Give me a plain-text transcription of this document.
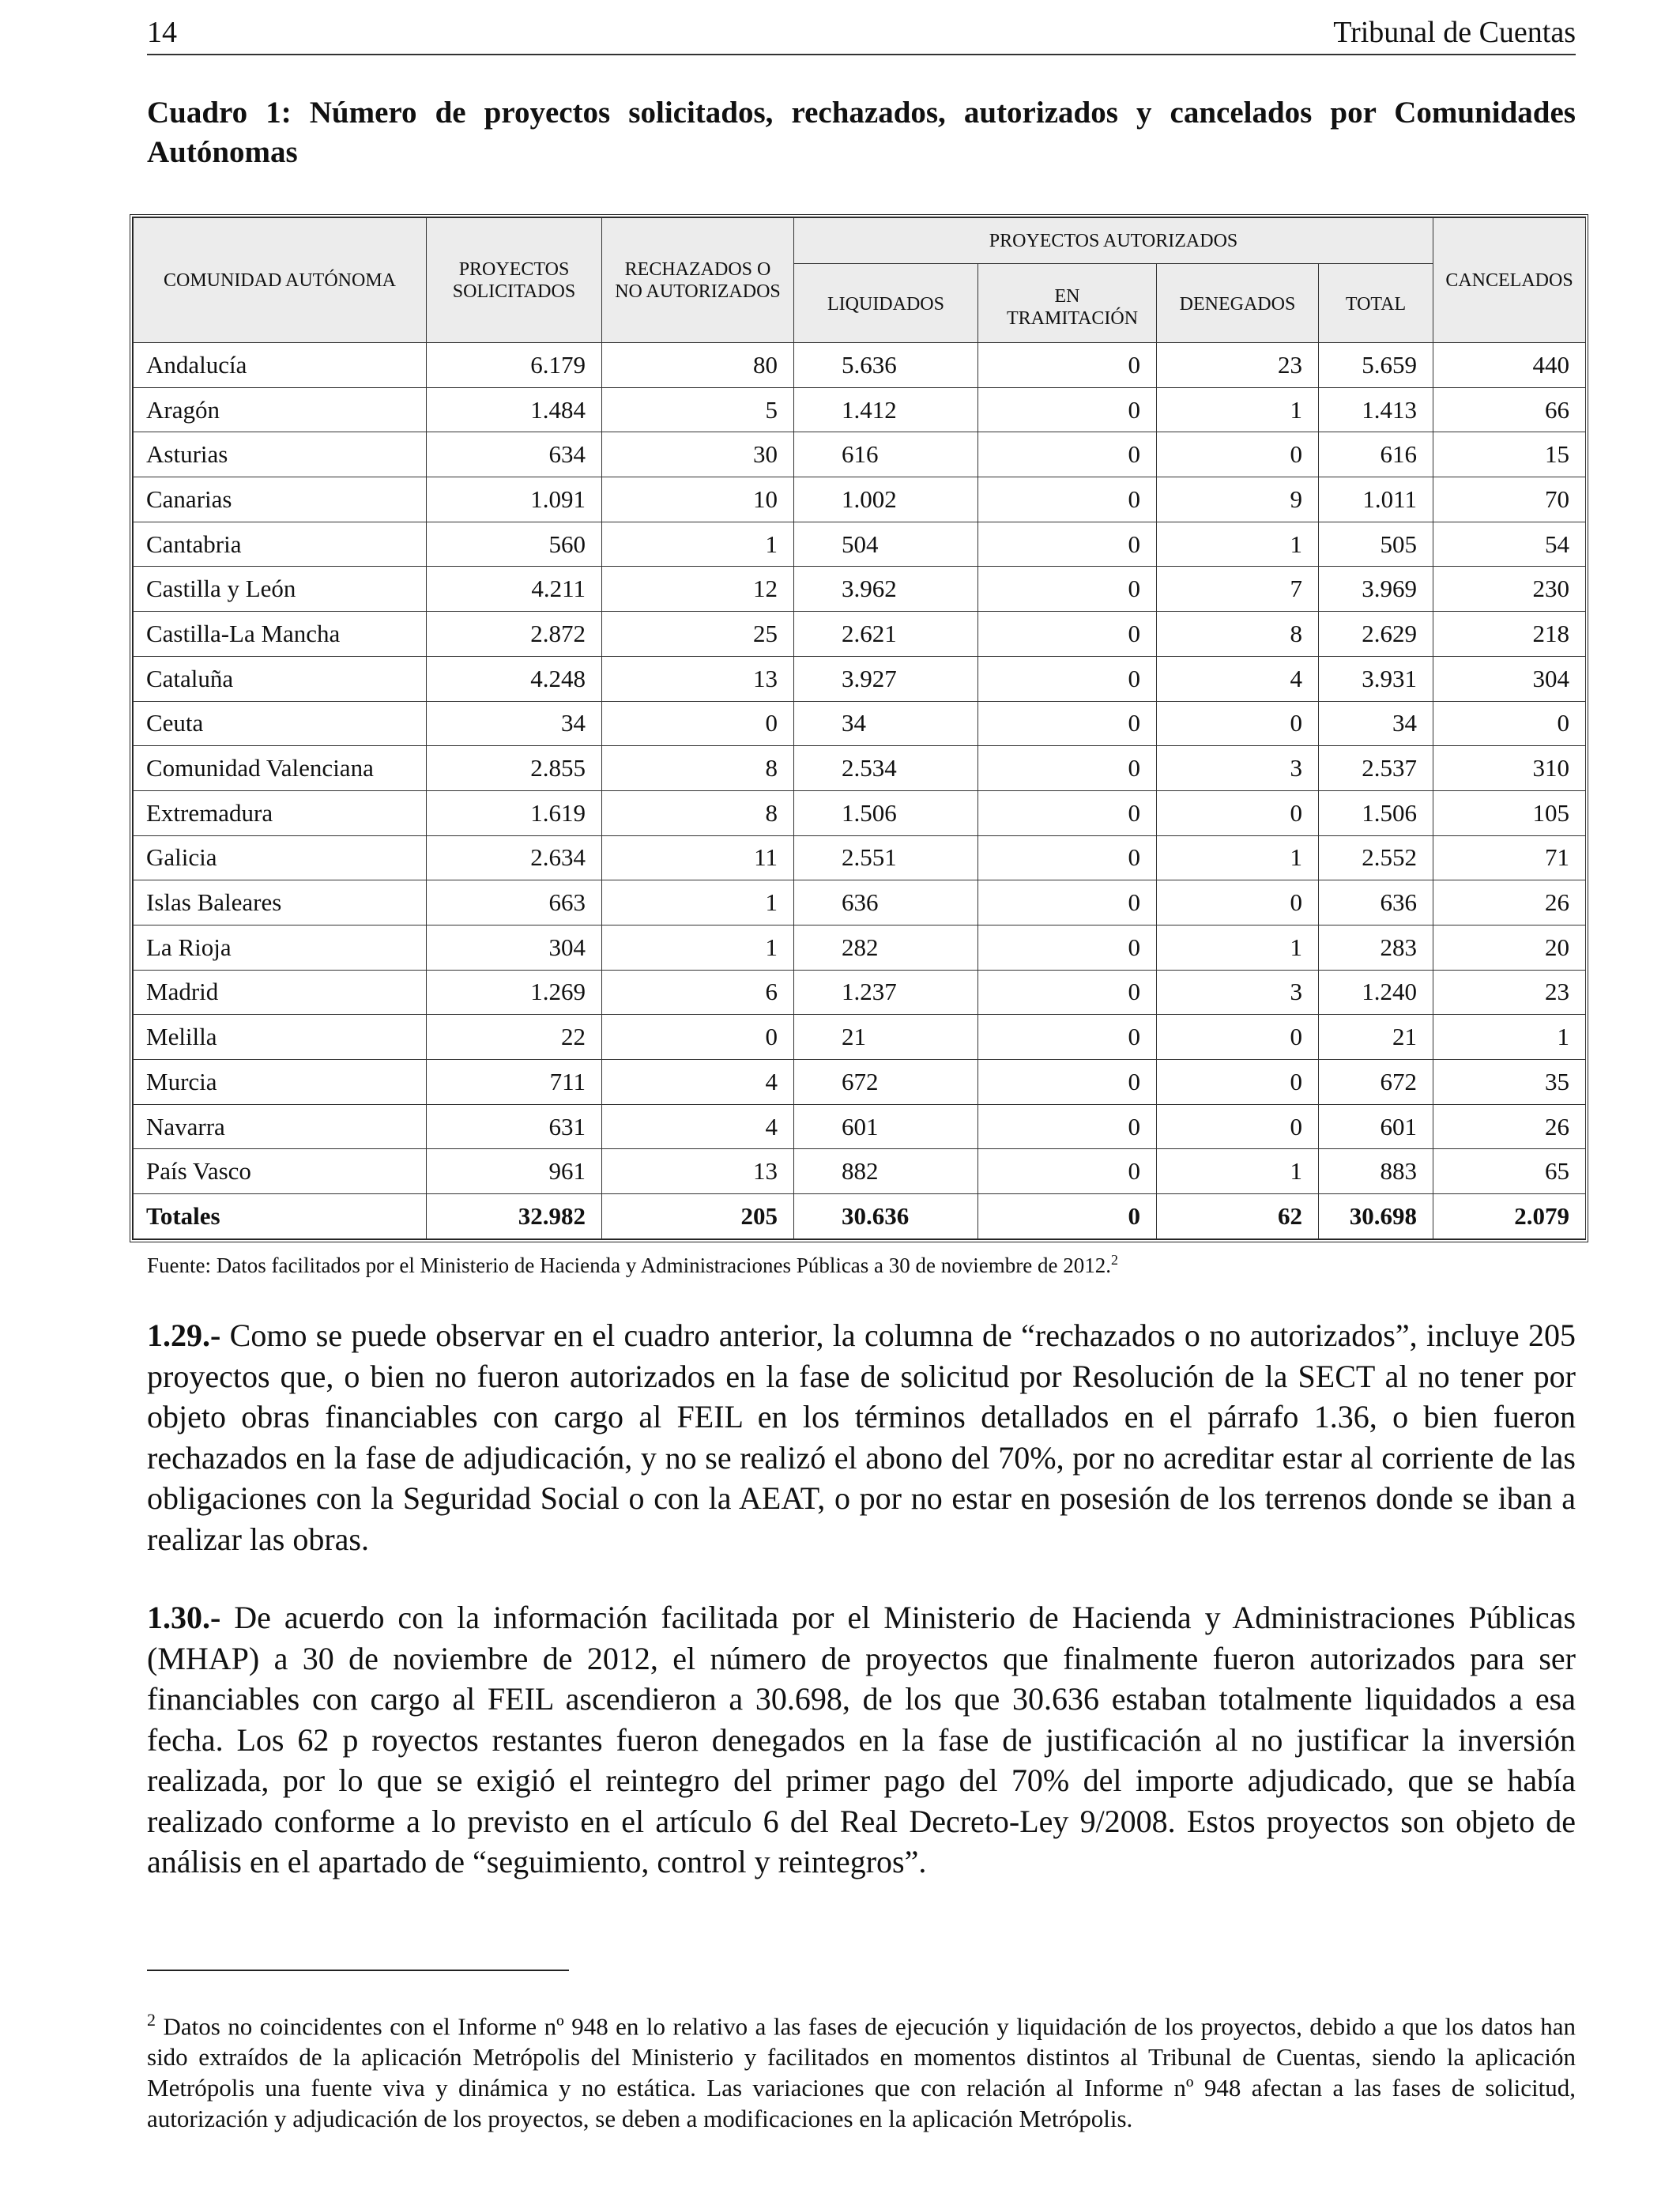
14	Tribunal de Cuentas
Cuadro 1: Número de proyectos solicitados, rechazados, autorizados y cancelados por Comunidades Autónomas
COMUNIDAD AUTÓNOMA	PROYECTOS SOLICITADOS	RECHAZADOS O NO AUTORIZADOS	PROYECTOS AUTORIZADOS				CANCELADOS
			LIQUIDADOS	EN TRAMITACIÓN	DENEGADOS	TOTAL	
Andalucía	6.179	80	5.636	0	23	5.659	440
Aragón	1.484	5	1.412	0	1	1.413	66
Asturias	634	30	616	0	0	616	15
Canarias	1.091	10	1.002	0	9	1.011	70
Cantabria	560	1	504	0	1	505	54
Castilla y León	4.211	12	3.962	0	7	3.969	230
Castilla-La Mancha	2.872	25	2.621	0	8	2.629	218
Cataluña	4.248	13	3.927	0	4	3.931	304
Ceuta	34	0	34	0	0	34	0
Comunidad Valenciana	2.855	8	2.534	0	3	2.537	310
Extremadura	1.619	8	1.506	0	0	1.506	105
Galicia	2.634	11	2.551	0	1	2.552	71
Islas Baleares	663	1	636	0	0	636	26
La Rioja	304	1	282	0	1	283	20
Madrid	1.269	6	1.237	0	3	1.240	23
Melilla	22	0	21	0	0	21	1
Murcia	711	4	672	0	0	672	35
Navarra	631	4	601	0	0	601	26
País Vasco	961	13	882	0	1	883	65
Totales	32.982	205	30.636	0	62	30.698	2.079
Fuente: Datos facilitados por el Ministerio de Hacienda y Administraciones Públicas a 30 de noviembre de 2012.$^2$
1.29.- Como se puede observar en el cuadro anterior, la columna de “rechazados o no autorizados”, incluye 205 proyectos que, o bien no fueron autorizados en la fase de solicitud por Resolución de la SECT al no tener por objeto obras financiables con cargo al FEIL en los términos detallados en el párrafo 1.36, o bien fueron rechazados en la fase de adjudicación, y no se realizó el abono del 70%, por no acreditar estar al corriente de las obligaciones con la Seguridad Social o con la AEAT, o por no estar en posesión de los terrenos donde se iban a realizar las obras.
1.30.- De acuerdo con la información facilitada por el Ministerio de Hacienda y Administraciones Públicas (MHAP) a 30 de noviembre de 2012, el número de proyectos que finalmente fueron autorizados para ser financiables con cargo al FEIL ascendieron a 30.698, de los que 30.636 estaban totalmente liquidados a esa fecha. Los 62 p royectos restantes fueron denegados en la fase de justificación al no justificar la inversión realizada, por lo que se exigió el reintegro del primer pago del 70% del importe adjudicado, que se había realizado conforme a lo previsto en el artículo 6 del Real Decreto-Ley 9/2008. Estos proyectos son objeto de análisis en el apartado de “seguimiento, control y reintegros”.
$^2$ Datos no coincidentes con el Informe nº 948 en lo relativo a las fases de ejecución y liquidación de los proyectos, debido a que los datos han sido extraídos de la aplicación Metrópolis del Ministerio y facilitados en momentos distintos al Tribunal de Cuentas, siendo la aplicación Metrópolis una fuente viva y dinámica y no estática. Las variaciones que con relación al Informe nº 948 afectan a las fases de solicitud, autorización y adjudicación de los proyectos, se deben a modificaciones en la aplicación Metrópolis.
